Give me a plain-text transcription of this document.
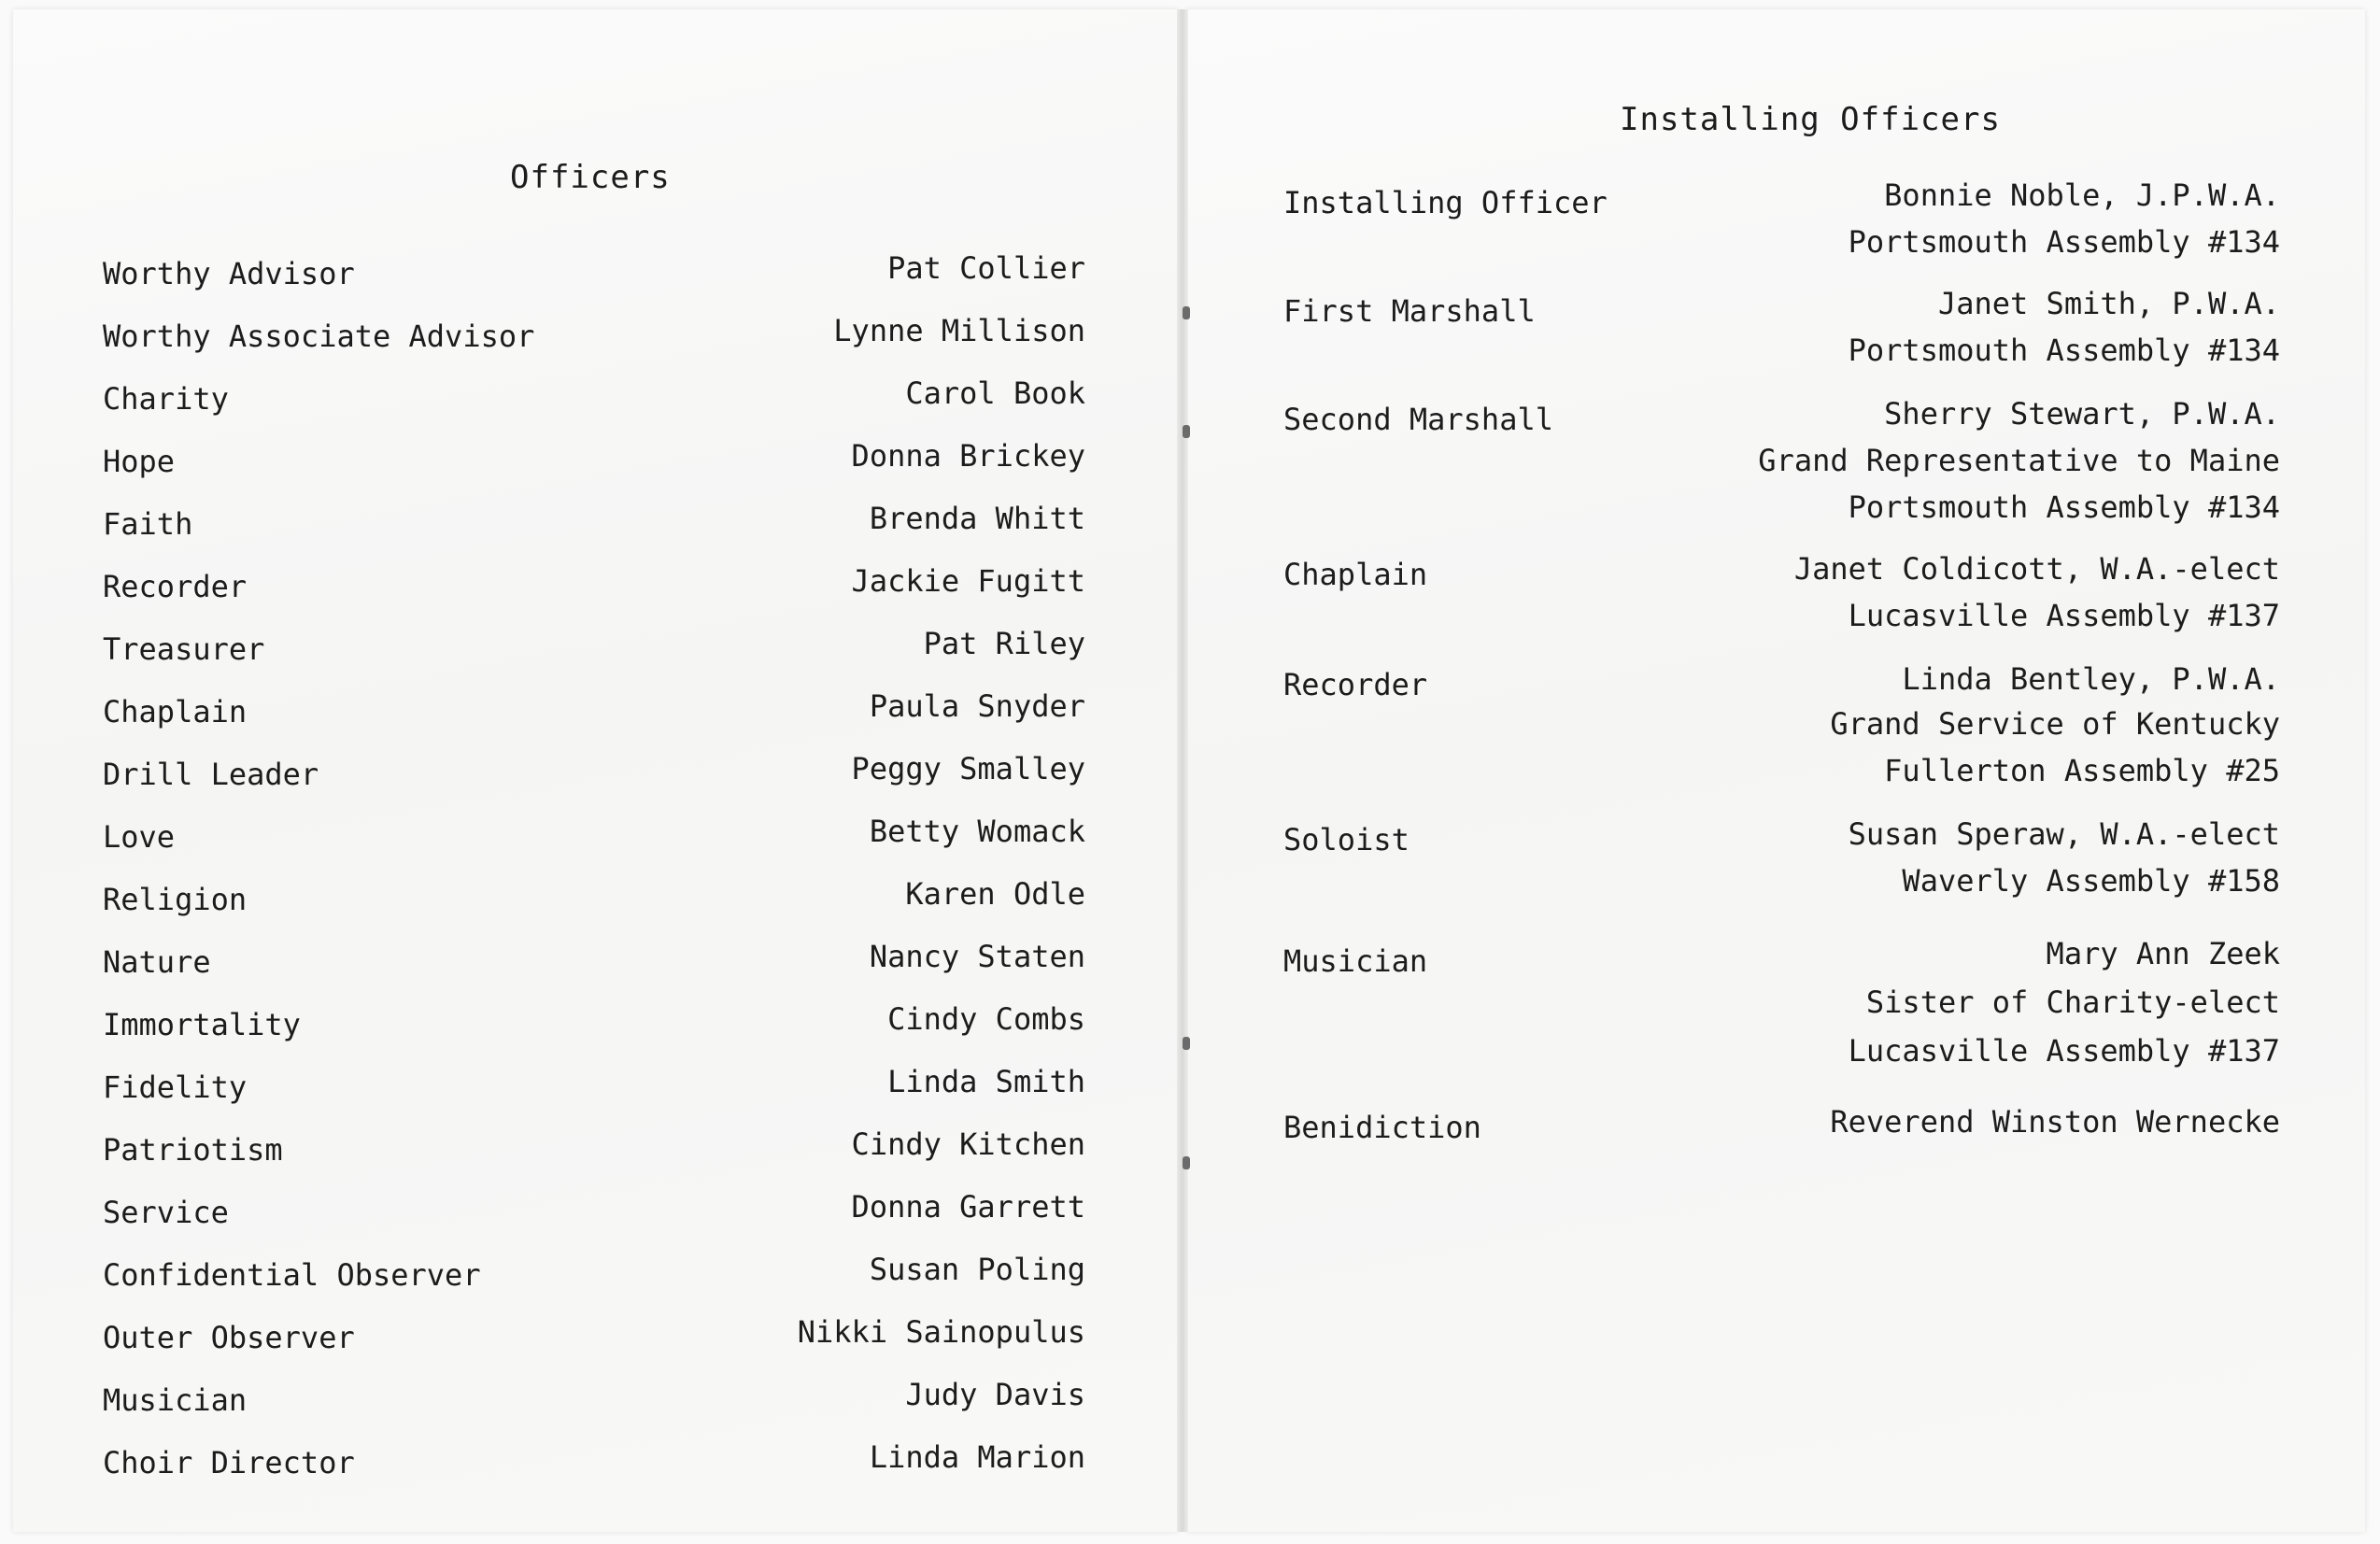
Officers
Worthy Advisor	Pat Collier
Worthy Associate Advisor	Lynne Millison
Charity	Carol Book
Hope	Donna Brickey
Faith	Brenda Whitt
Recorder	Jackie Fugitt
Treasurer	Pat Riley
Chaplain	Paula Snyder
Drill Leader	Peggy Smalley
Love	Betty Womack
Religion	Karen Odle
Nature	Nancy Staten
Immortality	Cindy Combs
Fidelity	Linda Smith
Patriotism	Cindy Kitchen
Service	Donna Garrett
Confidential Observer	Susan Poling
Outer Observer	Nikki Sainopulus
Musician	Judy Davis
Choir Director	Linda Marion
Installing Officers
Installing Officer	Bonnie Noble, J.P.W.A.
Portsmouth Assembly #134
First Marshall	Janet Smith, P.W.A.
Portsmouth Assembly #134
Second Marshall	Sherry Stewart, P.W.A.
Grand Representative to Maine
Portsmouth Assembly #134
Chaplain	Janet Coldicott, W.A.-elect
Lucasville Assembly #137
Recorder	Linda Bentley, P.W.A.
Grand Service of Kentucky
Fullerton Assembly #25
Soloist	Susan Speraw, W.A.-elect
Waverly Assembly #158
Musician	Mary Ann Zeek
Sister of Charity-elect
Lucasville Assembly #137
Benidiction	Reverend Winston Wernecke
